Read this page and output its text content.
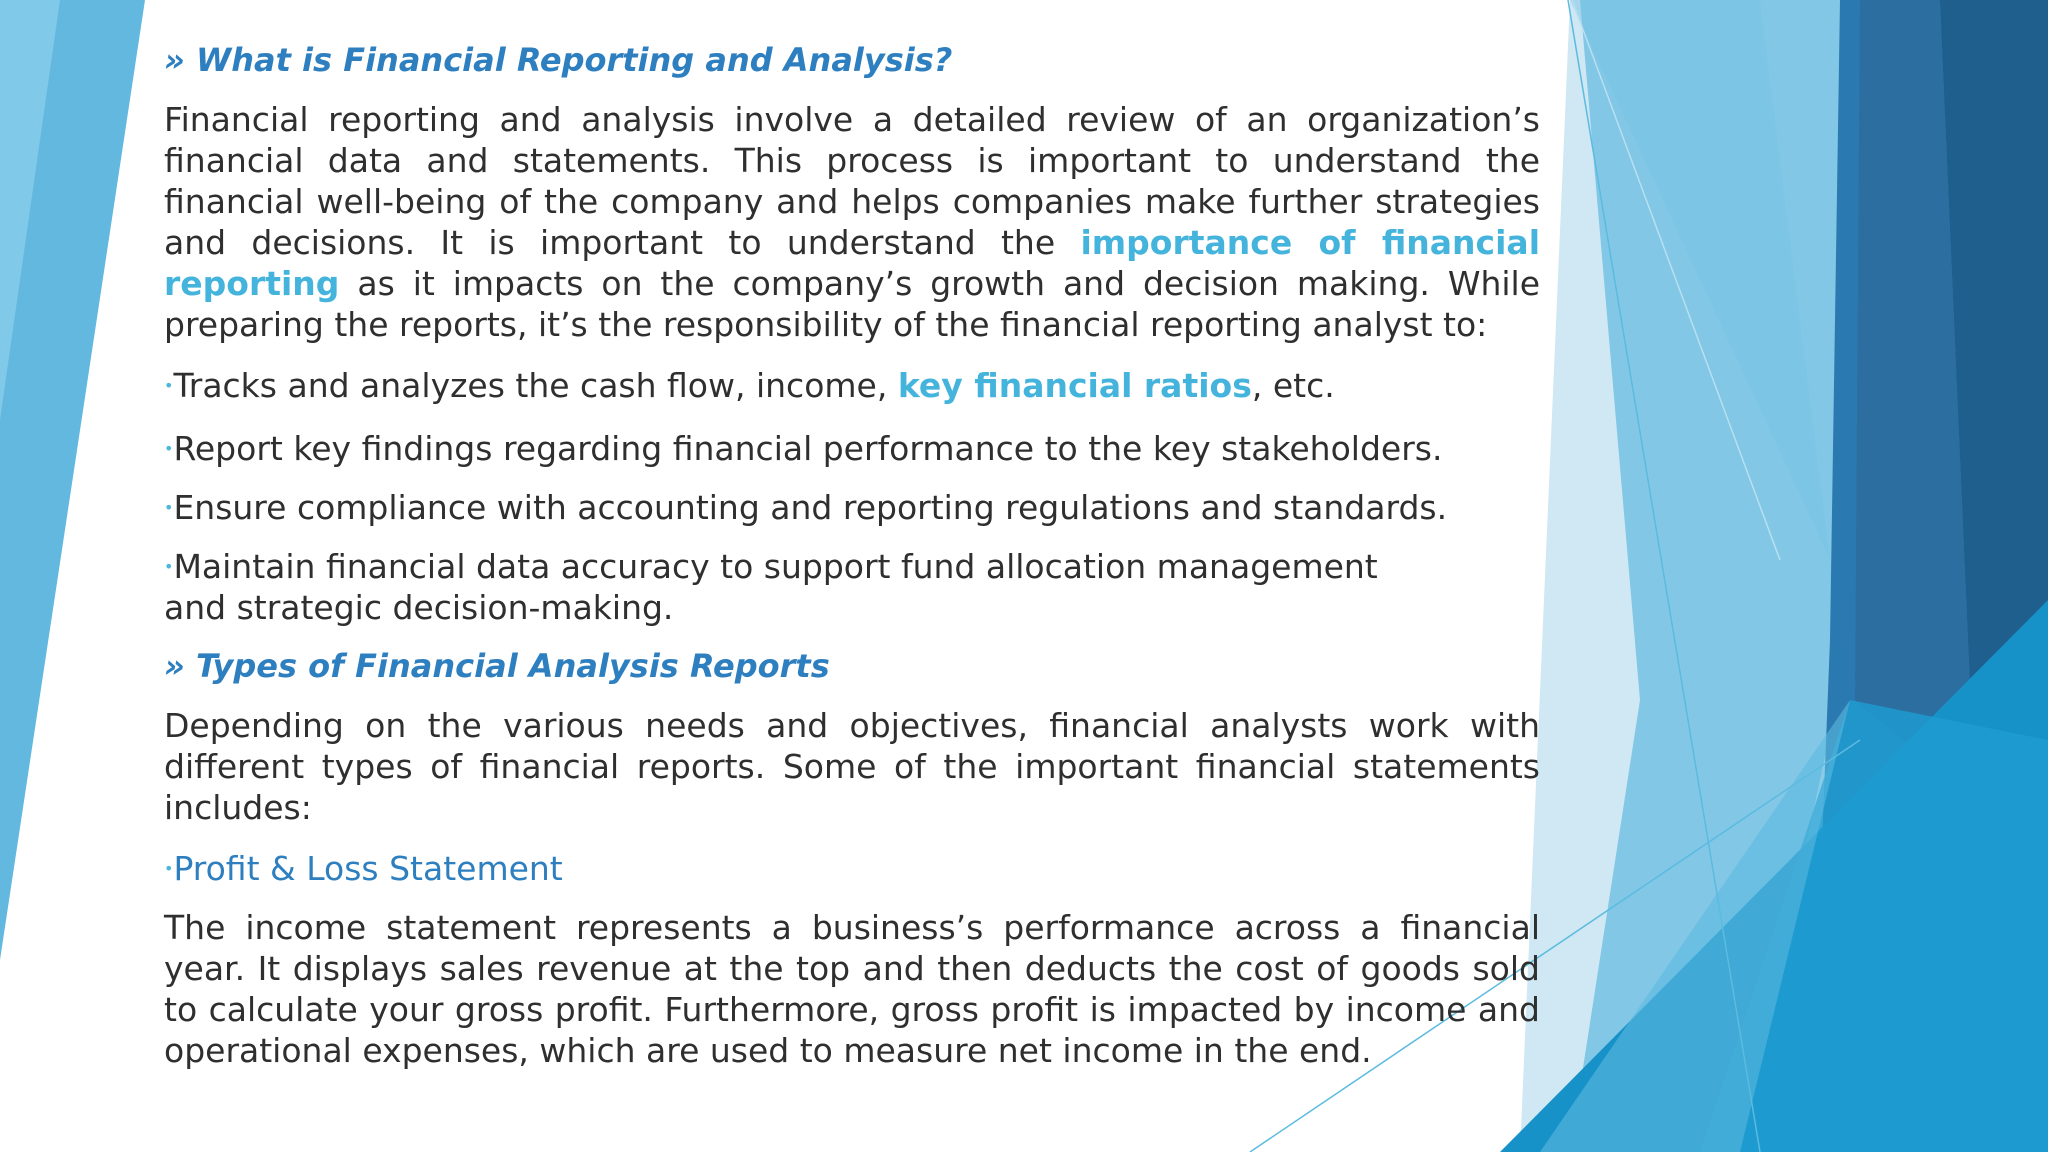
» What is Financial Reporting and Analysis?
Financial reporting and analysis involve a detailed review of an organization’s financial data and statements. This process is important to understand the financial well-being of the company and helps companies make further strategies and decisions. It is important to understand the importance of financial reporting as it impacts on the company’s growth and decision making. While preparing the reports, it’s the responsibility of the financial reporting analyst to:
•Tracks and analyzes the cash flow, income, key financial ratios, etc.
•Report key findings regarding financial performance to the key stakeholders.
•Ensure compliance with accounting and reporting regulations and standards.
•Maintain financial data accuracy to support fund allocation management and strategic decision-making.
» Types of Financial Analysis Reports
Depending on the various needs and objectives, financial analysts work with different types of financial reports. Some of the important financial statements includes:
•Profit & Loss Statement
The income statement represents a business’s performance across a financial year. It displays sales revenue at the top and then deducts the cost of goods sold to calculate your gross profit. Furthermore, gross profit is impacted by income and operational expenses, which are used to measure net income in the end.
